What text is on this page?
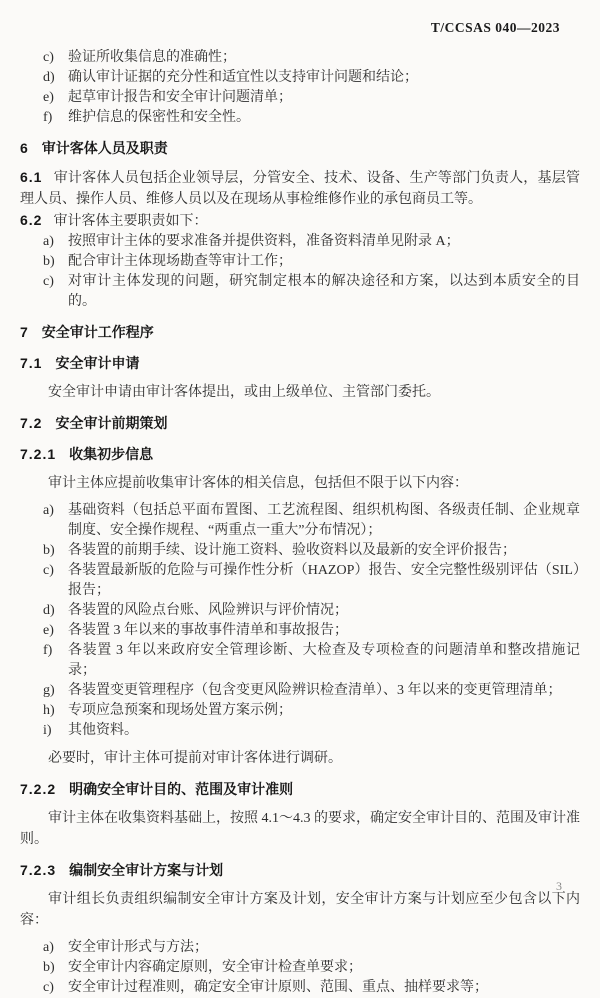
T/CCSAS 040—2023
c)	验证所收集信息的准确性；
d) 确认审计证据的充分性和适宜性以支持审计问题和结论；
e)	起草审计报告和安全审计问题清单；
f)	维护信息的保密性和安全性。
6 审计客体人员及职责

6.1 审计客体人员包括企业领导层，分管安全、技术、设备、生产等部门负责人，基层管理人员、操作人员、维修人员以及在现场从事检维修作业的承包商员工等。

6.2 审计客体主要职责如下：

a)	按照审计主体的要求准备并提供资料，准备资料清单见附录 A；
b) 配合审计主体现场勘查等审计工作；
c)	对审计主体发现的问题，研究制定根本的解决途径和方案，以达到本质安全的目的。
7 安全审计工作程序
7.1 安全审计申请

安全审计申请由审计客体提出，或由上级单位、主管部门委托。

7.2 安全审计前期策划
7.2.1 收集初步信息

审计主体应提前收集审计客体的相关信息，包括但不限于以下内容：

a)	基础资料（包括总平面布置图、工艺流程图、组织机构图、各级责任制、企业规章制度、安全操作规程、“两重点一重大”分布情况）；
b) 各装置的前期手续、设计施工资料、验收资料以及最新的安全评价报告；
c)	各装置最新版的危险与可操作性分析（HAZOP）报告、安全完整性级别评估（SIL）报告；
d) 各装置的风险点台账、风险辨识与评价情况；
e)	各装置 3 年以来的事故事件清单和事故报告；
f)	各装置 3 年以来政府安全管理诊断、大检查及专项检查的问题清单和整改措施记录；
g) 各装置变更管理程序（包含变更风险辨识检查清单）、3 年以来的变更管理清单；
h) 专项应急预案和现场处置方案示例；
i)	其他资料。

必要时，审计主体可提前对审计客体进行调研。

7.2.2 明确安全审计目的、范围及审计准则

审计主体在收集资料基础上，按照 4.1～4.3 的要求，确定安全审计目的、范围及审计准则。

7.2.3 编制安全审计方案与计划

审计组长负责组织编制安全审计方案及计划，安全审计方案与计划应至少包含以下内容：

a)	安全审计形式与方法；
b) 安全审计内容确定原则，安全审计检查单要求；
c)	安全审计过程准则，确定安全审计原则、范围、重点、抽样要求等；
3
